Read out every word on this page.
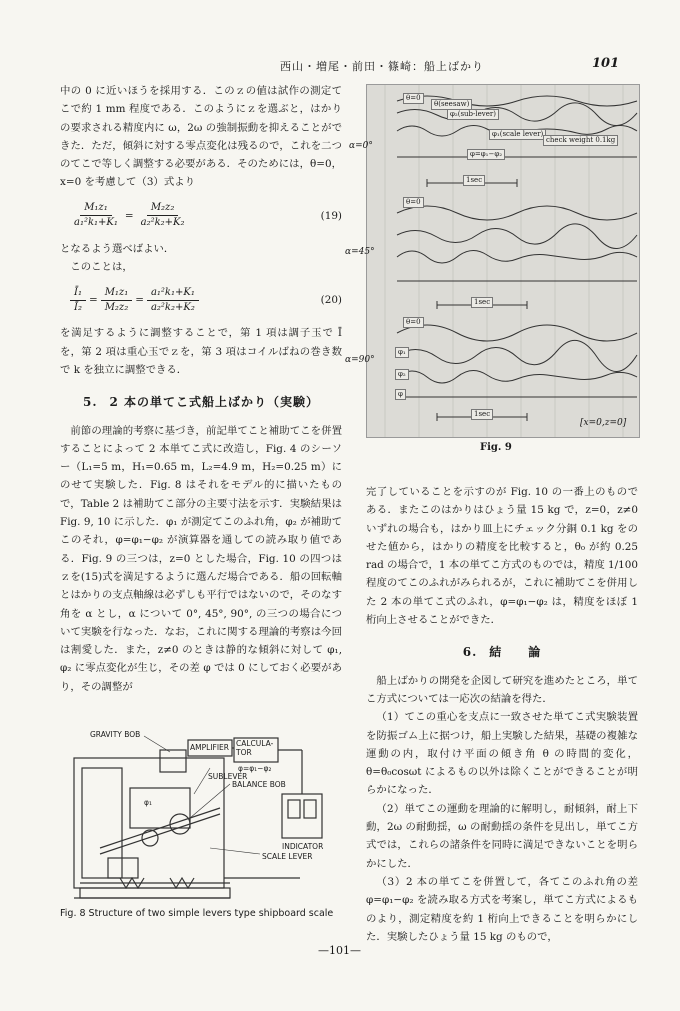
西山・増尾・前田・篠崎：船上ばかり	101

中の 0 に近いほうを採用する．このｚの値は試作の測定てこで約 1 mm 程度である．このようにｚを選ぶと，はかりの要求される精度内に ω，2ω の強制振動を抑えることができた．ただ，傾斜に対する零点変化は残るので，これを二つのてこで等しく調整する必要がある．そのためには，θ=0，x=0 を考慮して（3）式より

$\frac{\text{M₁z₁}}{\text{a₁²k₁+K₁}} = \frac{\text{M₂z₂}}{\text{a₂²k₂+K₂}}$	(19)

となるよう選べばよい．

このことは，

$\frac{\text{Ī₁}}{\text{Ī₂}} = \frac{\text{M₁z₁}}{\text{M₂z₂}} = \frac{\text{a₁²k₁+K₁}}{\text{a₂²k₂+K₂}}$	(20)

を満足するように調整することで，第 1 項は調子玉で Ī を，第 2 項は重心玉でｚを，第 3 項はコイルばねの巻き数で k を独立に調整できる．

5. 2 本の単てこ式船上ばかり（実験）

前節の理論的考察に基づき，前記単てこと補助てこを併置することによって 2 本単てこ式に改造し，Fig. 4 のシーソー（L₁=5 m，H₁=0.65 m，L₂=4.9 m，H₂=0.25 m）にのせて実験した．Fig. 8 はそれをモデル的に描いたもので，Table 2 は補助てこ部分の主要寸法を示す．実験結果は Fig. 9, 10 に示した．φ₁ が測定てこのふれ角，φ₂ が補助てこのそれ，φ=φ₁−φ₂ が演算器を通しての読み取り値である．Fig. 9 の三つは，z=0 とした場合，Fig. 10 の四つはｚを(15)式を満足するように選んだ場合である．船の回転軸とはかりの支点軸線は必ずしも平行ではないので，そのなす角を α とし，α について 0°, 45°, 90°, の三つの場合について実験を行なった．なお，これに関する理論的考察は今回は割愛した．また，z≠0 のときは静的な傾斜に対して φ₁, φ₂ に零点変化が生じ，その差 φ では 0 にしておく必要があり，その調整が

α=0°
α=45°
α=90°
θ=0
θ(seesaw)
φ₂(sub-lever)
φ₁(scale lever)
check weight 0.1kg
φ=φ₁−φ₂
1sec
θ=0
1sec
θ=0
φ₁
φ₂
φ
1sec
[x=0,z=0]
Fig. 9
GRAVITY BOB
AMPLIFIER CALCULA-TOR
φ=φ₁−φ₂
SUBLEVER
BALANCE BOB
INDICATOR
SCALE LEVER
φ₁
Fig. 8 Structure of two simple levers type shipboard scale

完了していることを示すのが Fig. 10 の一番上のものである．またこのはかりはひょう量 15 kg で，z=0，z≠0 いずれの場合も，はかり皿上にチェック分銅 0.1 kg をのせた値から，はかりの精度を比較すると，θ₀ が約 0.25 rad の場合で，1 本の単てこ方式のものでは，精度 1/100 程度のてこのふれがみられるが，これに補助てこを併用した 2 本の単てこ式のふれ，φ=φ₁−φ₂ は，精度をほぼ 1 桁向上させることができた．

6. 結　　論

船上ばかりの開発を企図して研究を進めたところ，単てこ方式については一応次の結論を得た．

（1）てこの重心を支点に一致させた単てこ式実験装置を防振ゴム上に据つけ，船上実験した結果，基礎の複雑な運動の内，取付け平面の傾き角 θ の時間的変化，θ=θ₀cosωt によるもの以外は除くことができることが明らかになった．

（2）単てこの運動を理論的に解明し，耐傾斜，耐上下動，2ω の耐動揺，ω の耐動揺の条件を見出し，単てこ方式では，これらの諸条件を同時に満足できないことを明らかにした．

（3）2 本の単てこを併置して，各てこのふれ角の差 φ=φ₁−φ₂ を読み取る方式を考案し，単てこ方式によるものより，測定精度を約 1 桁向上できることを明らかにした．実験したひょう量 15 kg のもので，

—101—
